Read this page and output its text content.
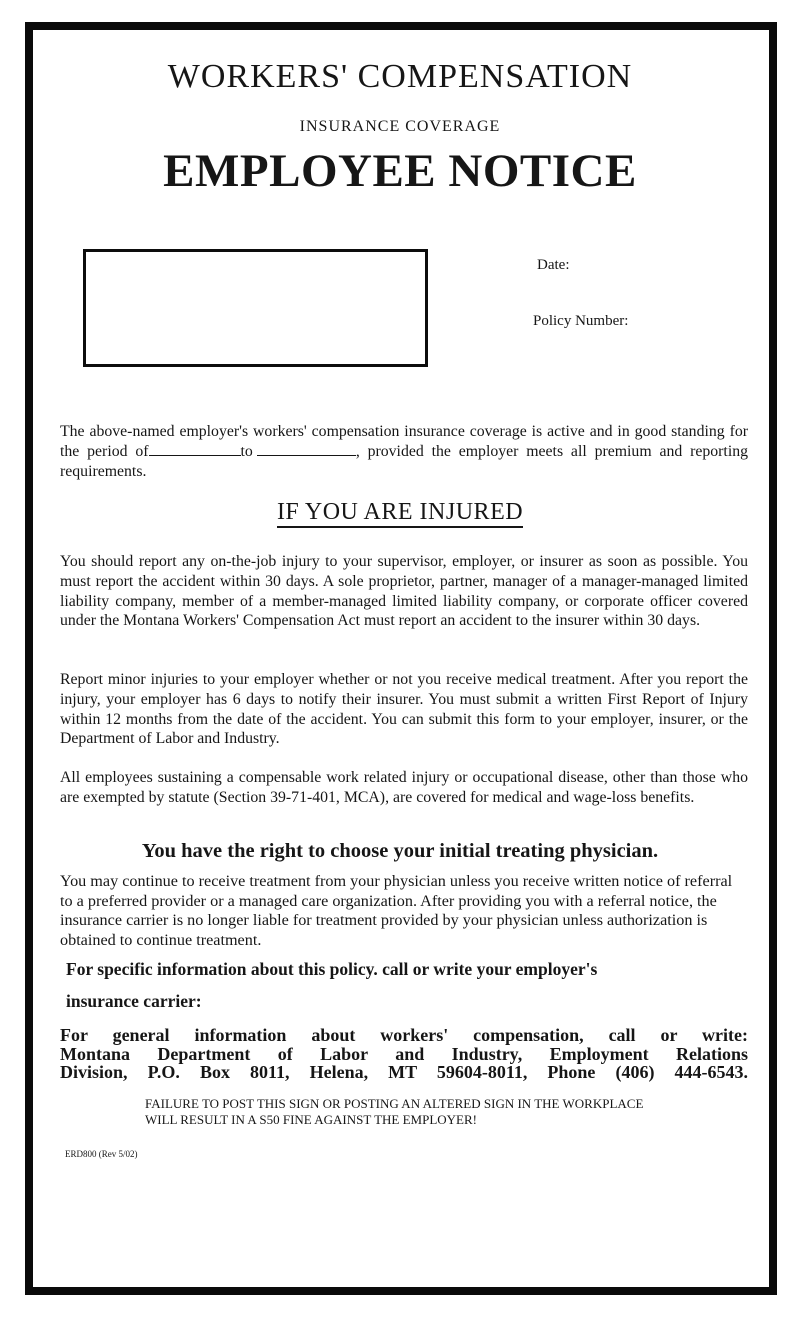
WORKERS' COMPENSATION
INSURANCE COVERAGE
EMPLOYEE NOTICE
Date:
Policy Number:

The above-named employer's workers' compensation insurance coverage is active and in good standing for the period of	to	, provided the employer meets all premium and reporting requirements.

IF YOU ARE INJURED

You should report any on-the-job injury to your supervisor, employer, or insurer as soon as possible. You must report the accident within 30 days. A sole proprietor, partner, manager of a manager-managed limited liability company, member of a member-managed limited liability company, or corporate officer covered under the Montana Workers' Compensation Act must report an accident to the insurer within 30 days.

Report minor injuries to your employer whether or not you receive medical treatment. After you report the injury, your employer has 6 days to notify their insurer. You must submit a written First Report of Injury within 12 months from the date of the accident. You can submit this form to your employer, insurer, or the Department of Labor and Industry.

All employees sustaining a compensable work related injury or occupational disease, other than those who are exempted by statute (Section 39-71-401, MCA), are covered for medical and wage-loss benefits.

You have the right to choose your initial treating physician.

You may continue to receive treatment from your physician unless you receive written notice of referral to a preferred provider or a managed care organization. After providing you with a referral notice, the insurance carrier is no longer liable for treatment provided by your physician unless authorization is obtained to continue treatment.

For specific information about this policy. call or write your employer's

insurance carrier:

For general information about workers' compensation, call or write:
Montana Department of Labor and Industry, Employment Relations
Division, P.O. Box 8011, Helena, MT 59604-8011, Phone (406) 444-6543.
FAILURE TO POST THIS SIGN OR POSTING AN ALTERED SIGN IN THE WORKPLACE
WILL RESULT IN A S50 FINE AGAINST THE EMPLOYER!
ERD800 (Rev 5/02)
